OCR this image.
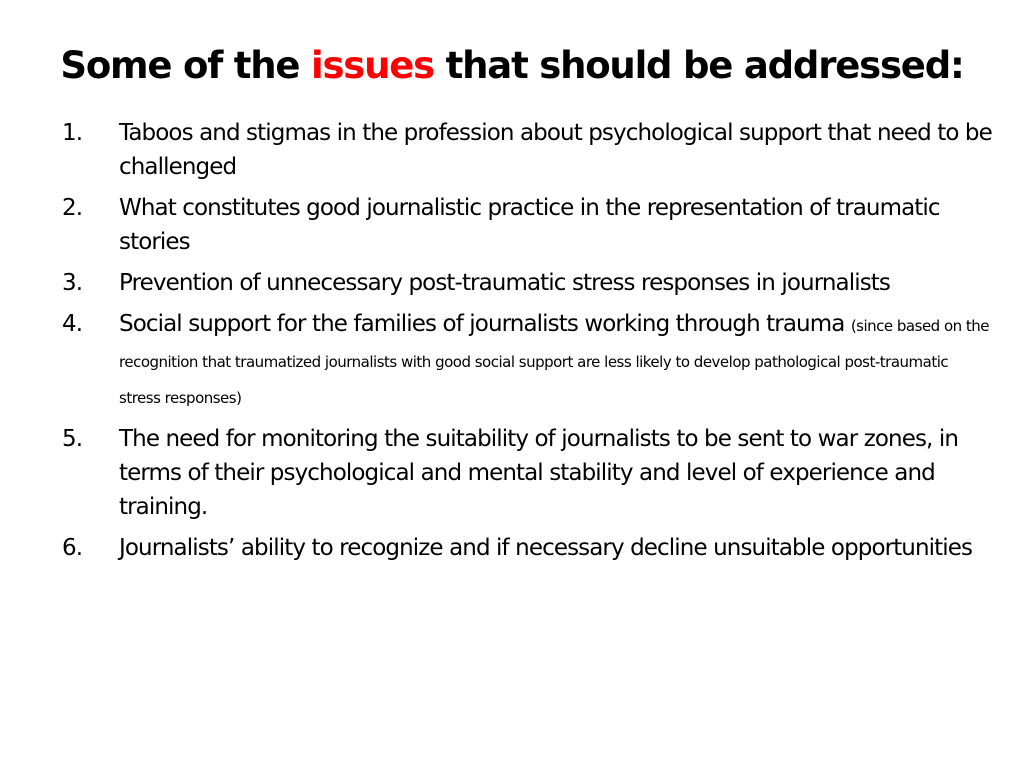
Some of the issues that should be addressed:
1. Taboos and stigmas in the profession about psychological support that need to be challenged
2. What constitutes good journalistic practice in the representation of traumatic stories
3. Prevention of unnecessary post-traumatic stress responses in journalists
4. Social support for the families of journalists working through trauma (since based on the recognition that traumatized journalists with good social support are less likely to develop pathological post-traumatic stress responses)
5. The need for monitoring the suitability of journalists to be sent to war zones, in terms of their psychological and mental stability and level of experience and training.
6. Journalists’ ability to recognize and if necessary decline unsuitable opportunities
